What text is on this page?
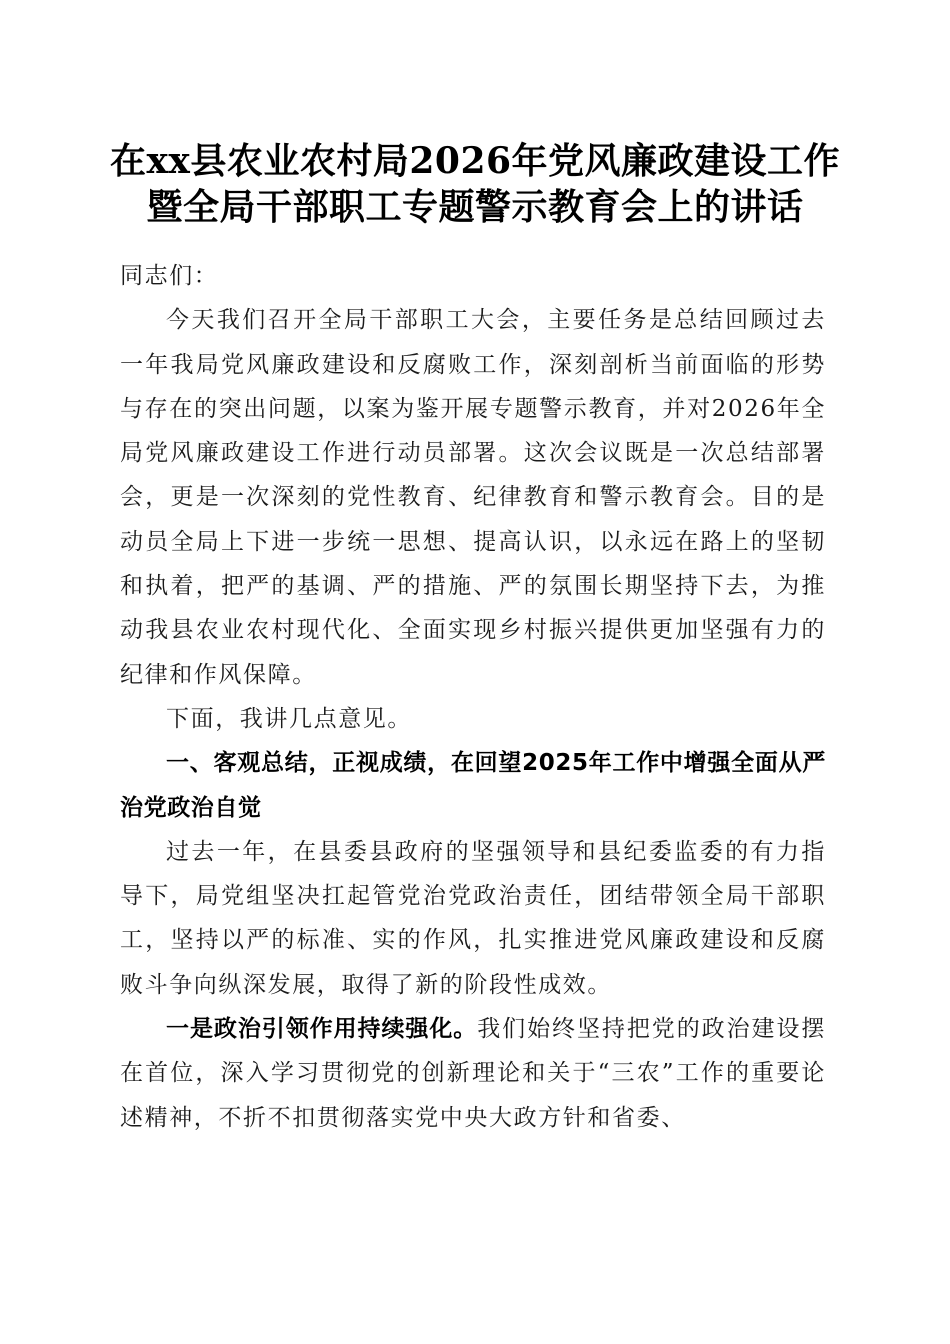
在xx县农业农村局2026年党风廉政建设工作
暨全局干部职工专题警示教育会上的讲话

同志们：

今天我们召开全局干部职工大会，主要任务是总结回顾过去一年我局党风廉政建设和反腐败工作，深刻剖析当前面临的形势与存在的突出问题，以案为鉴开展专题警示教育，并对2026年全局党风廉政建设工作进行动员部署。这次会议既是一次总结部署会，更是一次深刻的党性教育、纪律教育和警示教育会。目的是动员全局上下进一步统一思想、提高认识，以永远在路上的坚韧和执着，把严的基调、严的措施、严的氛围长期坚持下去，为推动我县农业农村现代化、全面实现乡村振兴提供更加坚强有力的纪律和作风保障。

下面，我讲几点意见。

一、客观总结，正视成绩，在回望2025年工作中增强全面从严治党政治自觉

过去一年，在县委县政府的坚强领导和县纪委监委的有力指导下，局党组坚决扛起管党治党政治责任，团结带领全局干部职工，坚持以严的标准、实的作风，扎实推进党风廉政建设和反腐败斗争向纵深发展，取得了新的阶段性成效。

一是政治引领作用持续强化。我们始终坚持把党的政治建设摆在首位，深入学习贯彻党的创新理论和关于“三农”工作的重要论述精神，不折不扣贯彻落实党中央大政方针和省委、
